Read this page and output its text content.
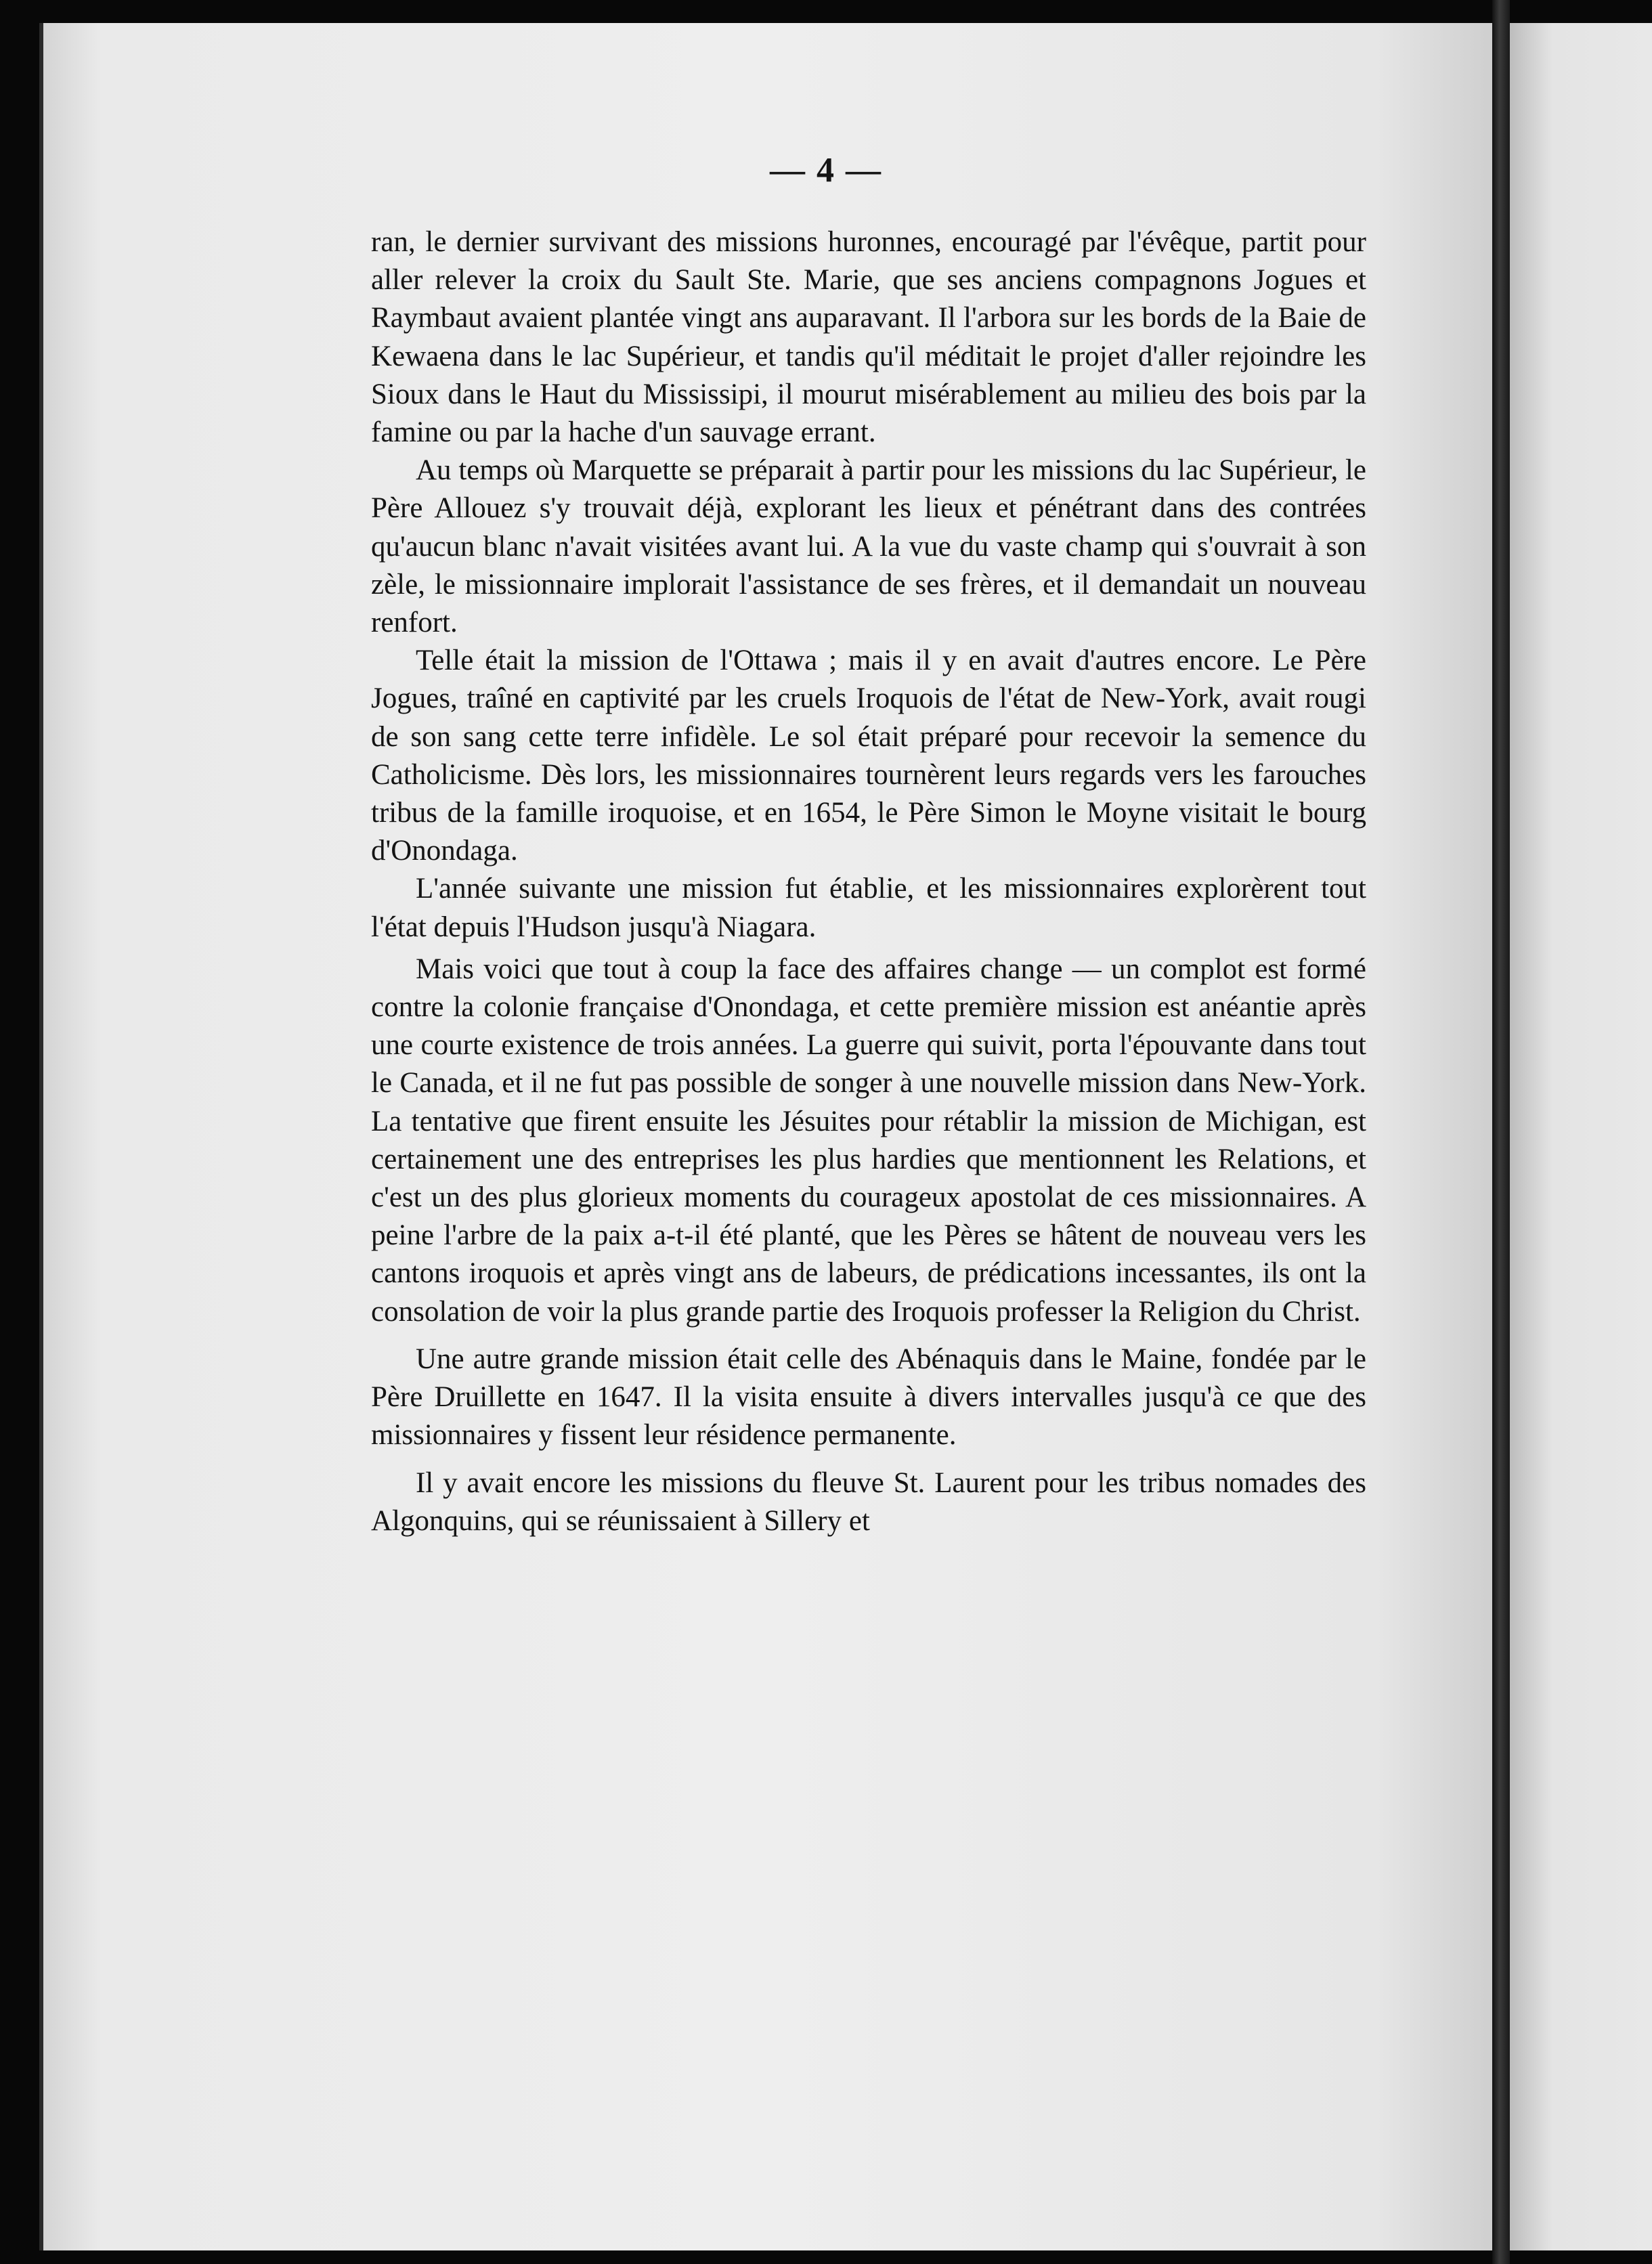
— 4 —

ran, le dernier survivant des missions huronnes, encouragé par l'évêque, partit pour aller relever la croix du Sault Ste. Marie, que ses anciens compagnons Jogues et Raymbaut avaient plantée vingt ans auparavant. Il l'arbora sur les bords de la Baie de Kewaena dans le lac Supérieur, et tandis qu'il méditait le projet d'aller rejoindre les Sioux dans le Haut du Mississipi, il mourut misérablement au milieu des bois par la famine ou par la hache d'un sauvage errant.

Au temps où Marquette se préparait à partir pour les missions du lac Supérieur, le Père Allouez s'y trouvait déjà, explorant les lieux et pénétrant dans des contrées qu'aucun blanc n'avait visitées avant lui. A la vue du vaste champ qui s'ouvrait à son zèle, le missionnaire implorait l'assistance de ses frères, et il demandait un nouveau renfort.

Telle était la mission de l'Ottawa ; mais il y en avait d'autres encore. Le Père Jogues, traîné en captivité par les cruels Iroquois de l'état de New-York, avait rougi de son sang cette terre infidèle. Le sol était préparé pour recevoir la semence du Catholicisme. Dès lors, les missionnaires tournèrent leurs regards vers les farouches tribus de la famille iroquoise, et en 1654, le Père Simon le Moyne visitait le bourg d'Onondaga.

L'année suivante une mission fut établie, et les missionnaires explorèrent tout l'état depuis l'Hudson jusqu'à Niagara.

Mais voici que tout à coup la face des affaires change — un complot est formé contre la colonie française d'Onondaga, et cette première mission est anéantie après une courte existence de trois années. La guerre qui suivit, porta l'épouvante dans tout le Canada, et il ne fut pas possible de songer à une nouvelle mission dans New-York. La tentative que firent ensuite les Jésuites pour rétablir la mission de Michigan, est certainement une des entreprises les plus hardies que mentionnent les Relations, et c'est un des plus glorieux moments du courageux apostolat de ces missionnaires. A peine l'arbre de la paix a-t-il été planté, que les Pères se hâtent de nouveau vers les cantons iroquois et après vingt ans de labeurs, de prédications incessantes, ils ont la consolation de voir la plus grande partie des Iroquois professer la Religion du Christ.

Une autre grande mission était celle des Abénaquis dans le Maine, fondée par le Père Druillette en 1647. Il la visita ensuite à divers intervalles jusqu'à ce que des missionnaires y fissent leur résidence permanente.

Il y avait encore les missions du fleuve St. Laurent pour les tribus nomades des Algonquins, qui se réunissaient à Sillery et
